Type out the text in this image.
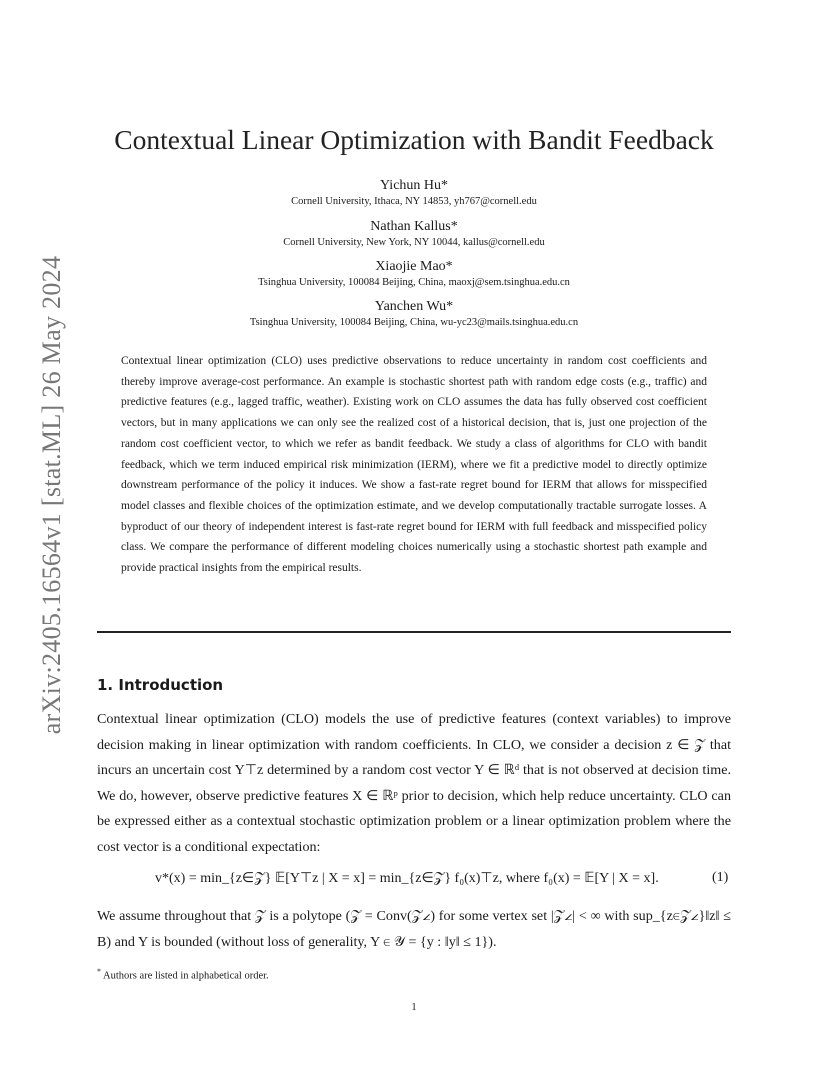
arXiv:2405.16564v1 [stat.ML] 26 May 2024
Contextual Linear Optimization with Bandit Feedback
Yichun Hu*
Cornell University, Ithaca, NY 14853, yh767@cornell.edu
Nathan Kallus*
Cornell University, New York, NY 10044, kallus@cornell.edu
Xiaojie Mao*
Tsinghua University, 100084 Beijing, China, maoxj@sem.tsinghua.edu.cn
Yanchen Wu*
Tsinghua University, 100084 Beijing, China, wu-yc23@mails.tsinghua.edu.cn

Contextual linear optimization (CLO) uses predictive observations to reduce uncertainty in random cost coefficients and thereby improve average-cost performance. An example is stochastic shortest path with random edge costs (e.g., traffic) and predictive features (e.g., lagged traffic, weather). Existing work on CLO assumes the data has fully observed cost coefficient vectors, but in many applications we can only see the realized cost of a historical decision, that is, just one projection of the random cost coefficient vector, to which we refer as bandit feedback. We study a class of algorithms for CLO with bandit feedback, which we term induced empirical risk minimization (IERM), where we fit a predictive model to directly optimize downstream performance of the policy it induces. We show a fast-rate regret bound for IERM that allows for misspecified model classes and flexible choices of the optimization estimate, and we develop computationally tractable surrogate losses. A byproduct of our theory of independent interest is fast-rate regret bound for IERM with full feedback and misspecified policy class. We compare the performance of different modeling choices numerically using a stochastic shortest path example and provide practical insights from the empirical results.

1. Introduction

Contextual linear optimization (CLO) models the use of predictive features (context variables) to improve decision making in linear optimization with random coefficients. In CLO, we consider a decision z ∈ 𝒵 that incurs an uncertain cost Y⊤z determined by a random cost vector Y ∈ ℝᵈ that is not observed at decision time. We do, however, observe predictive features X ∈ ℝᵖ prior to decision, which help reduce uncertainty. CLO can be expressed either as a contextual stochastic optimization problem or a linear optimization problem where the cost vector is a conditional expectation:

v*(x) = min_{z∈𝒵} 𝔼[Y⊤z | X = x] = min_{z∈𝒵} f₀(x)⊤z, where f₀(x) = 𝔼[Y | X = x].	(1)

We assume throughout that 𝒵 is a polytope (𝒵 = Conv(𝒵∠) for some vertex set |𝒵∠| < ∞ with sup_{z∈𝒵∠}‖z‖ ≤ B) and Y is bounded (without loss of generality, Y ∈ 𝒴 = {y : ‖y‖ ≤ 1}).

* Authors are listed in alphabetical order.
1
